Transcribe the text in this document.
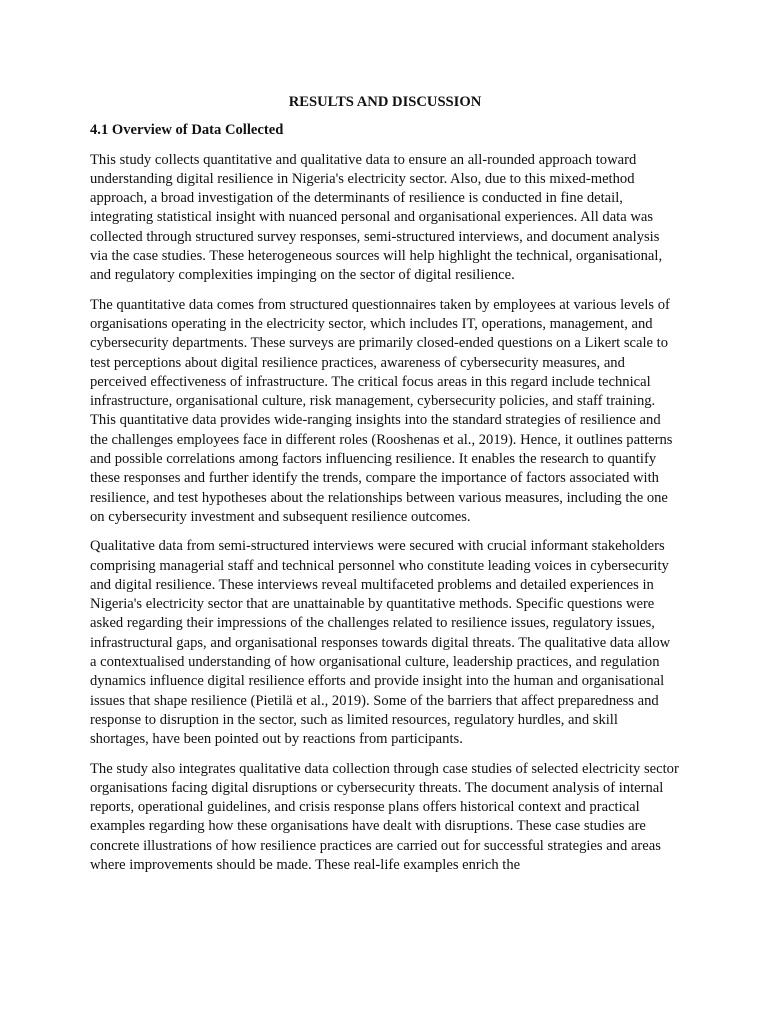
RESULTS AND DISCUSSION
4.1 Overview of Data Collected

This study collects quantitative and qualitative data to ensure an all-rounded approach toward understanding digital resilience in Nigeria's electricity sector. Also, due to this mixed-method approach, a broad investigation of the determinants of resilience is conducted in fine detail, integrating statistical insight with nuanced personal and organisational experiences. All data was collected through structured survey responses, semi-structured interviews, and document analysis via the case studies. These heterogeneous sources will help highlight the technical, organisational, and regulatory complexities impinging on the sector of digital resilience.

The quantitative data comes from structured questionnaires taken by employees at various levels of organisations operating in the electricity sector, which includes IT, operations, management, and cybersecurity departments. These surveys are primarily closed-ended questions on a Likert scale to test perceptions about digital resilience practices, awareness of cybersecurity measures, and perceived effectiveness of infrastructure. The critical focus areas in this regard include technical infrastructure, organisational culture, risk management, cybersecurity policies, and staff training. This quantitative data provides wide-ranging insights into the standard strategies of resilience and the challenges employees face in different roles (Rooshenas et al., 2019). Hence, it outlines patterns and possible correlations among factors influencing resilience. It enables the research to quantify these responses and further identify the trends, compare the importance of factors associated with resilience, and test hypotheses about the relationships between various measures, including the one on cybersecurity investment and subsequent resilience outcomes.

Qualitative data from semi-structured interviews were secured with crucial informant stakeholders comprising managerial staff and technical personnel who constitute leading voices in cybersecurity and digital resilience. These interviews reveal multifaceted problems and detailed experiences in Nigeria's electricity sector that are unattainable by quantitative methods. Specific questions were asked regarding their impressions of the challenges related to resilience issues, regulatory issues, infrastructural gaps, and organisational responses towards digital threats. The qualitative data allow a contextualised understanding of how organisational culture, leadership practices, and regulation dynamics influence digital resilience efforts and provide insight into the human and organisational issues that shape resilience (Pietilä et al., 2019). Some of the barriers that affect preparedness and response to disruption in the sector, such as limited resources, regulatory hurdles, and skill shortages, have been pointed out by reactions from participants.

The study also integrates qualitative data collection through case studies of selected electricity sector organisations facing digital disruptions or cybersecurity threats. The document analysis of internal reports, operational guidelines, and crisis response plans offers historical context and practical examples regarding how these organisations have dealt with disruptions. These case studies are concrete illustrations of how resilience practices are carried out for successful strategies and areas where improvements should be made. These real-life examples enrich the
